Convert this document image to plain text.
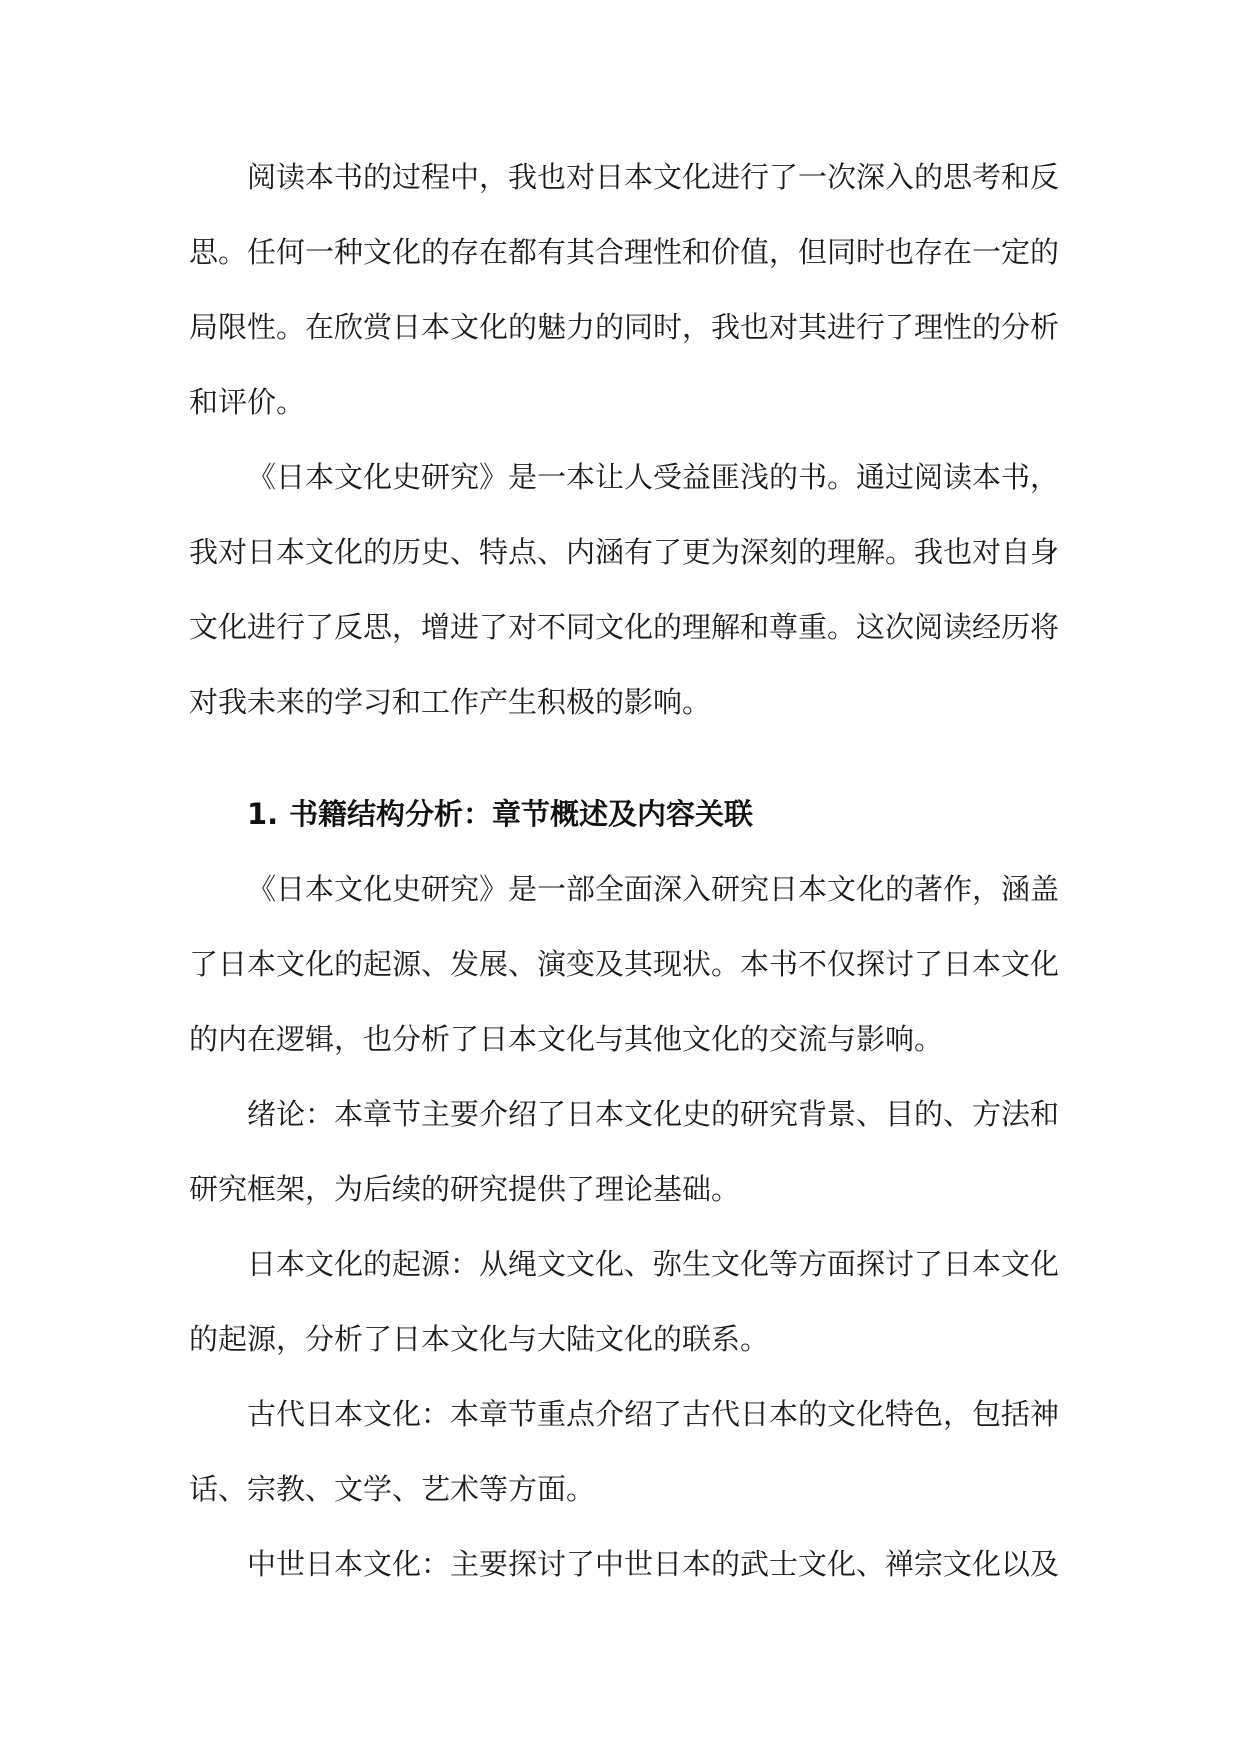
阅读本书的过程中，我也对日本文化进行了一次深入的思考和反思。任何一种文化的存在都有其合理性和价值，但同时也存在一定的局限性。在欣赏日本文化的魅力的同时，我也对其进行了理性的分析和评价。

《日本文化史研究》是一本让人受益匪浅的书。通过阅读本书，我对日本文化的历史、特点、内涵有了更为深刻的理解。我也对自身文化进行了反思，增进了对不同文化的理解和尊重。这次阅读经历将对我未来的学习和工作产生积极的影响。

1. 书籍结构分析：章节概述及内容关联

《日本文化史研究》是一部全面深入研究日本文化的著作，涵盖了日本文化的起源、发展、演变及其现状。本书不仅探讨了日本文化的内在逻辑，也分析了日本文化与其他文化的交流与影响。

绪论：本章节主要介绍了日本文化史的研究背景、目的、方法和研究框架，为后续的研究提供了理论基础。

日本文化的起源：从绳文文化、弥生文化等方面探讨了日本文化的起源，分析了日本文化与大陆文化的联系。

古代日本文化：本章节重点介绍了古代日本的文化特色，包括神话、宗教、文学、艺术等方面。

中世日本文化：主要探讨了中世日本的武士文化、禅宗文化以及
